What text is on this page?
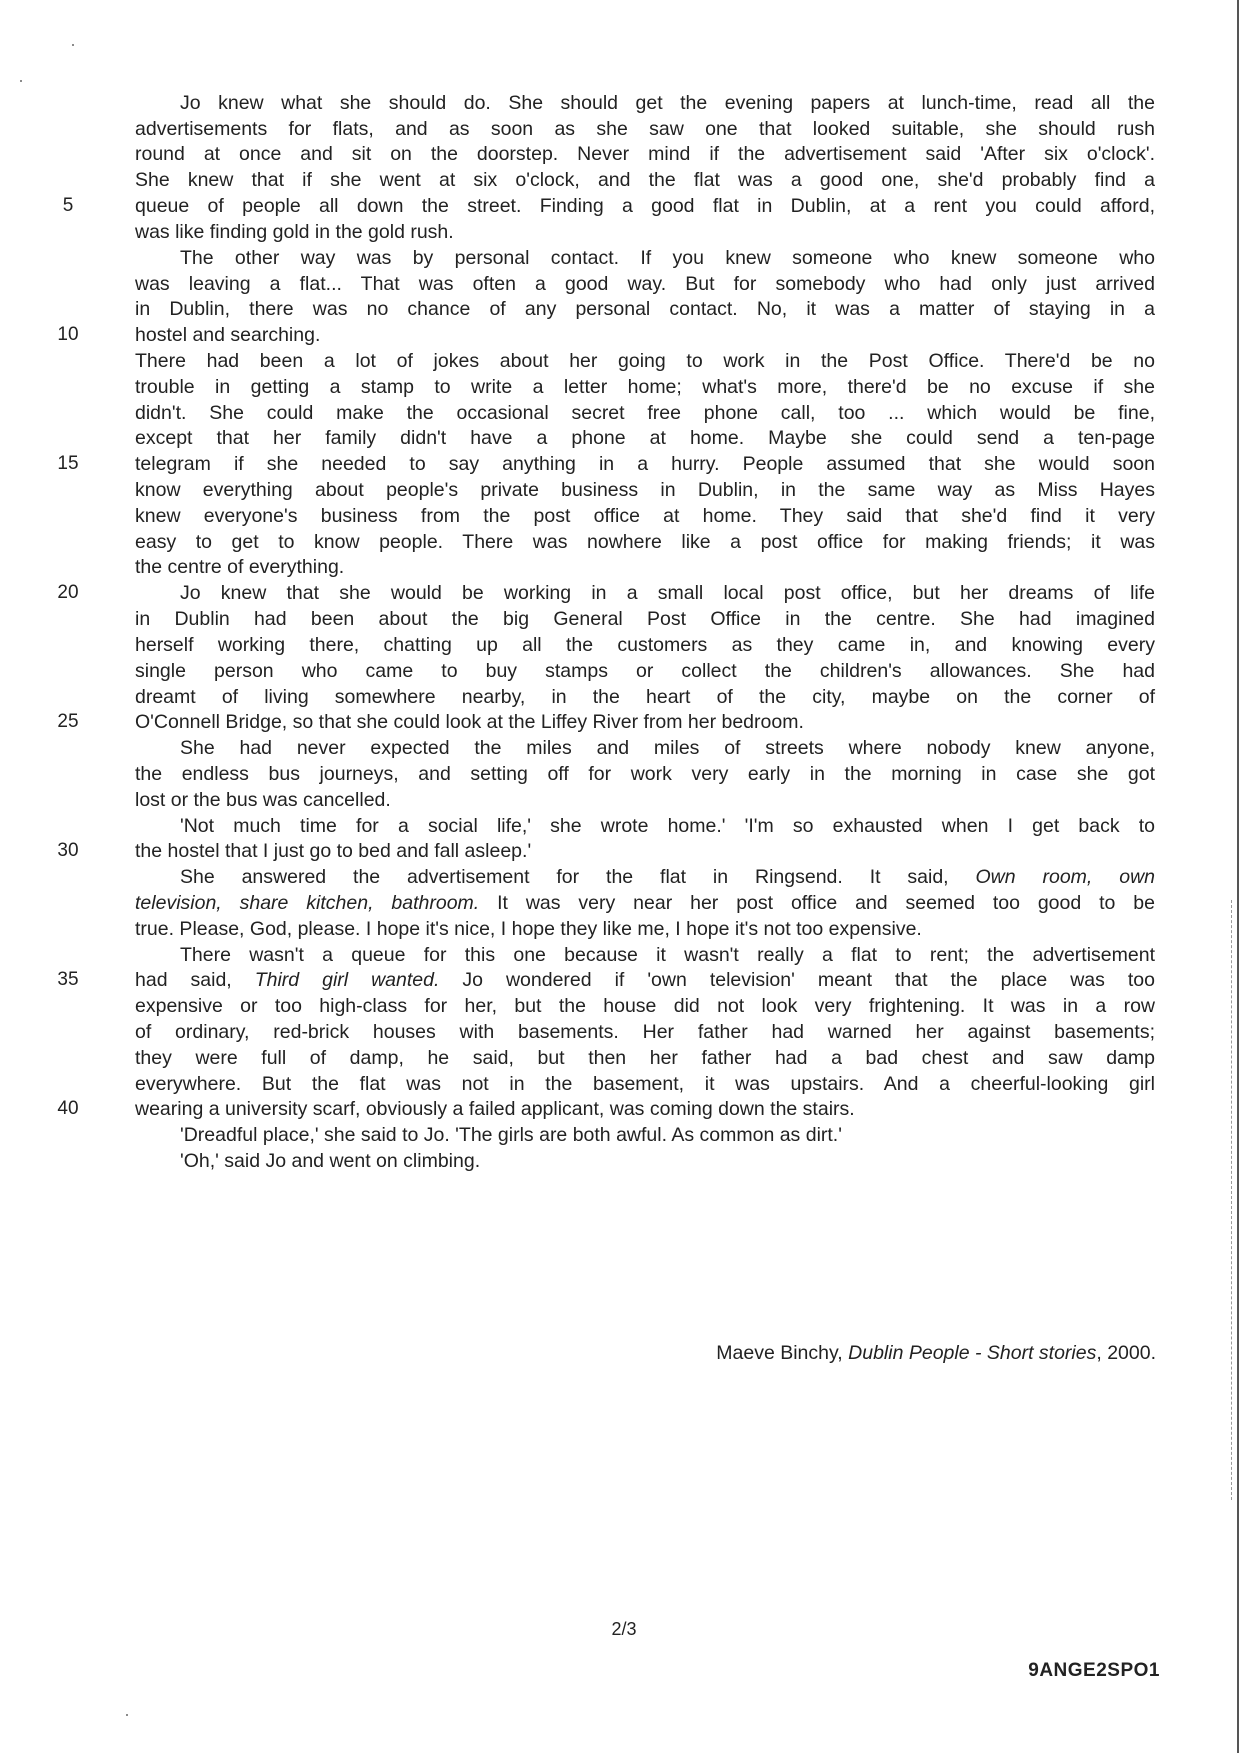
Jo knew what she should do. She should get the evening papers at lunch-time, read all the
advertisements for flats, and as soon as she saw one that looked suitable, she should rush
round at once and sit on the doorstep. Never mind if the advertisement said 'After six o'clock'.
She knew that if she went at six o'clock, and the flat was a good one, she'd probably find a
queue of people all down the street. Finding a good flat in Dublin, at a rent you could afford,
was like finding gold in the gold rush.
The other way was by personal contact. If you knew someone who knew someone who
was leaving a flat... That was often a good way. But for somebody who had only just arrived
in Dublin, there was no chance of any personal contact. No, it was a matter of staying in a
hostel and searching.
There had been a lot of jokes about her going to work in the Post Office. There'd be no
trouble in getting a stamp to write a letter home; what's more, there'd be no excuse if she
didn't. She could make the occasional secret free phone call, too ... which would be fine,
except that her family didn't have a phone at home. Maybe she could send a ten-page
telegram if she needed to say anything in a hurry. People assumed that she would soon
know everything about people's private business in Dublin, in the same way as Miss Hayes
knew everyone's business from the post office at home. They said that she'd find it very
easy to get to know people. There was nowhere like a post office for making friends; it was
the centre of everything.
Jo knew that she would be working in a small local post office, but her dreams of life
in Dublin had been about the big General Post Office in the centre. She had imagined
herself working there, chatting up all the customers as they came in, and knowing every
single person who came to buy stamps or collect the children's allowances. She had
dreamt of living somewhere nearby, in the heart of the city, maybe on the corner of
O'Connell Bridge, so that she could look at the Liffey River from her bedroom.
She had never expected the miles and miles of streets where nobody knew anyone,
the endless bus journeys, and setting off for work very early in the morning in case she got
lost or the bus was cancelled.
'Not much time for a social life,' she wrote home.' 'I'm so exhausted when I get back to
the hostel that I just go to bed and fall asleep.'
She answered the advertisement for the flat in Ringsend. It said, Own room, own
television, share kitchen, bathroom. It was very near her post office and seemed too good to be
true. Please, God, please. I hope it's nice, I hope they like me, I hope it's not too expensive.
There wasn't a queue for this one because it wasn't really a flat to rent; the advertisement
had said, Third girl wanted. Jo wondered if 'own television' meant that the place was too
expensive or too high-class for her, but the house did not look very frightening. It was in a row
of ordinary, red-brick houses with basements. Her father had warned her against basements;
they were full of damp, he said, but then her father had a bad chest and saw damp
everywhere. But the flat was not in the basement, it was upstairs. And a cheerful-looking girl
wearing a university scarf, obviously a failed applicant, was coming down the stairs.
'Dreadful place,' she said to Jo. 'The girls are both awful. As common as dirt.'
'Oh,' said Jo and went on climbing.
5
10
15
20
25
30
35
40
Maeve Binchy, Dublin People - Short stories, 2000.
2/3
9ANGE2SPO1
